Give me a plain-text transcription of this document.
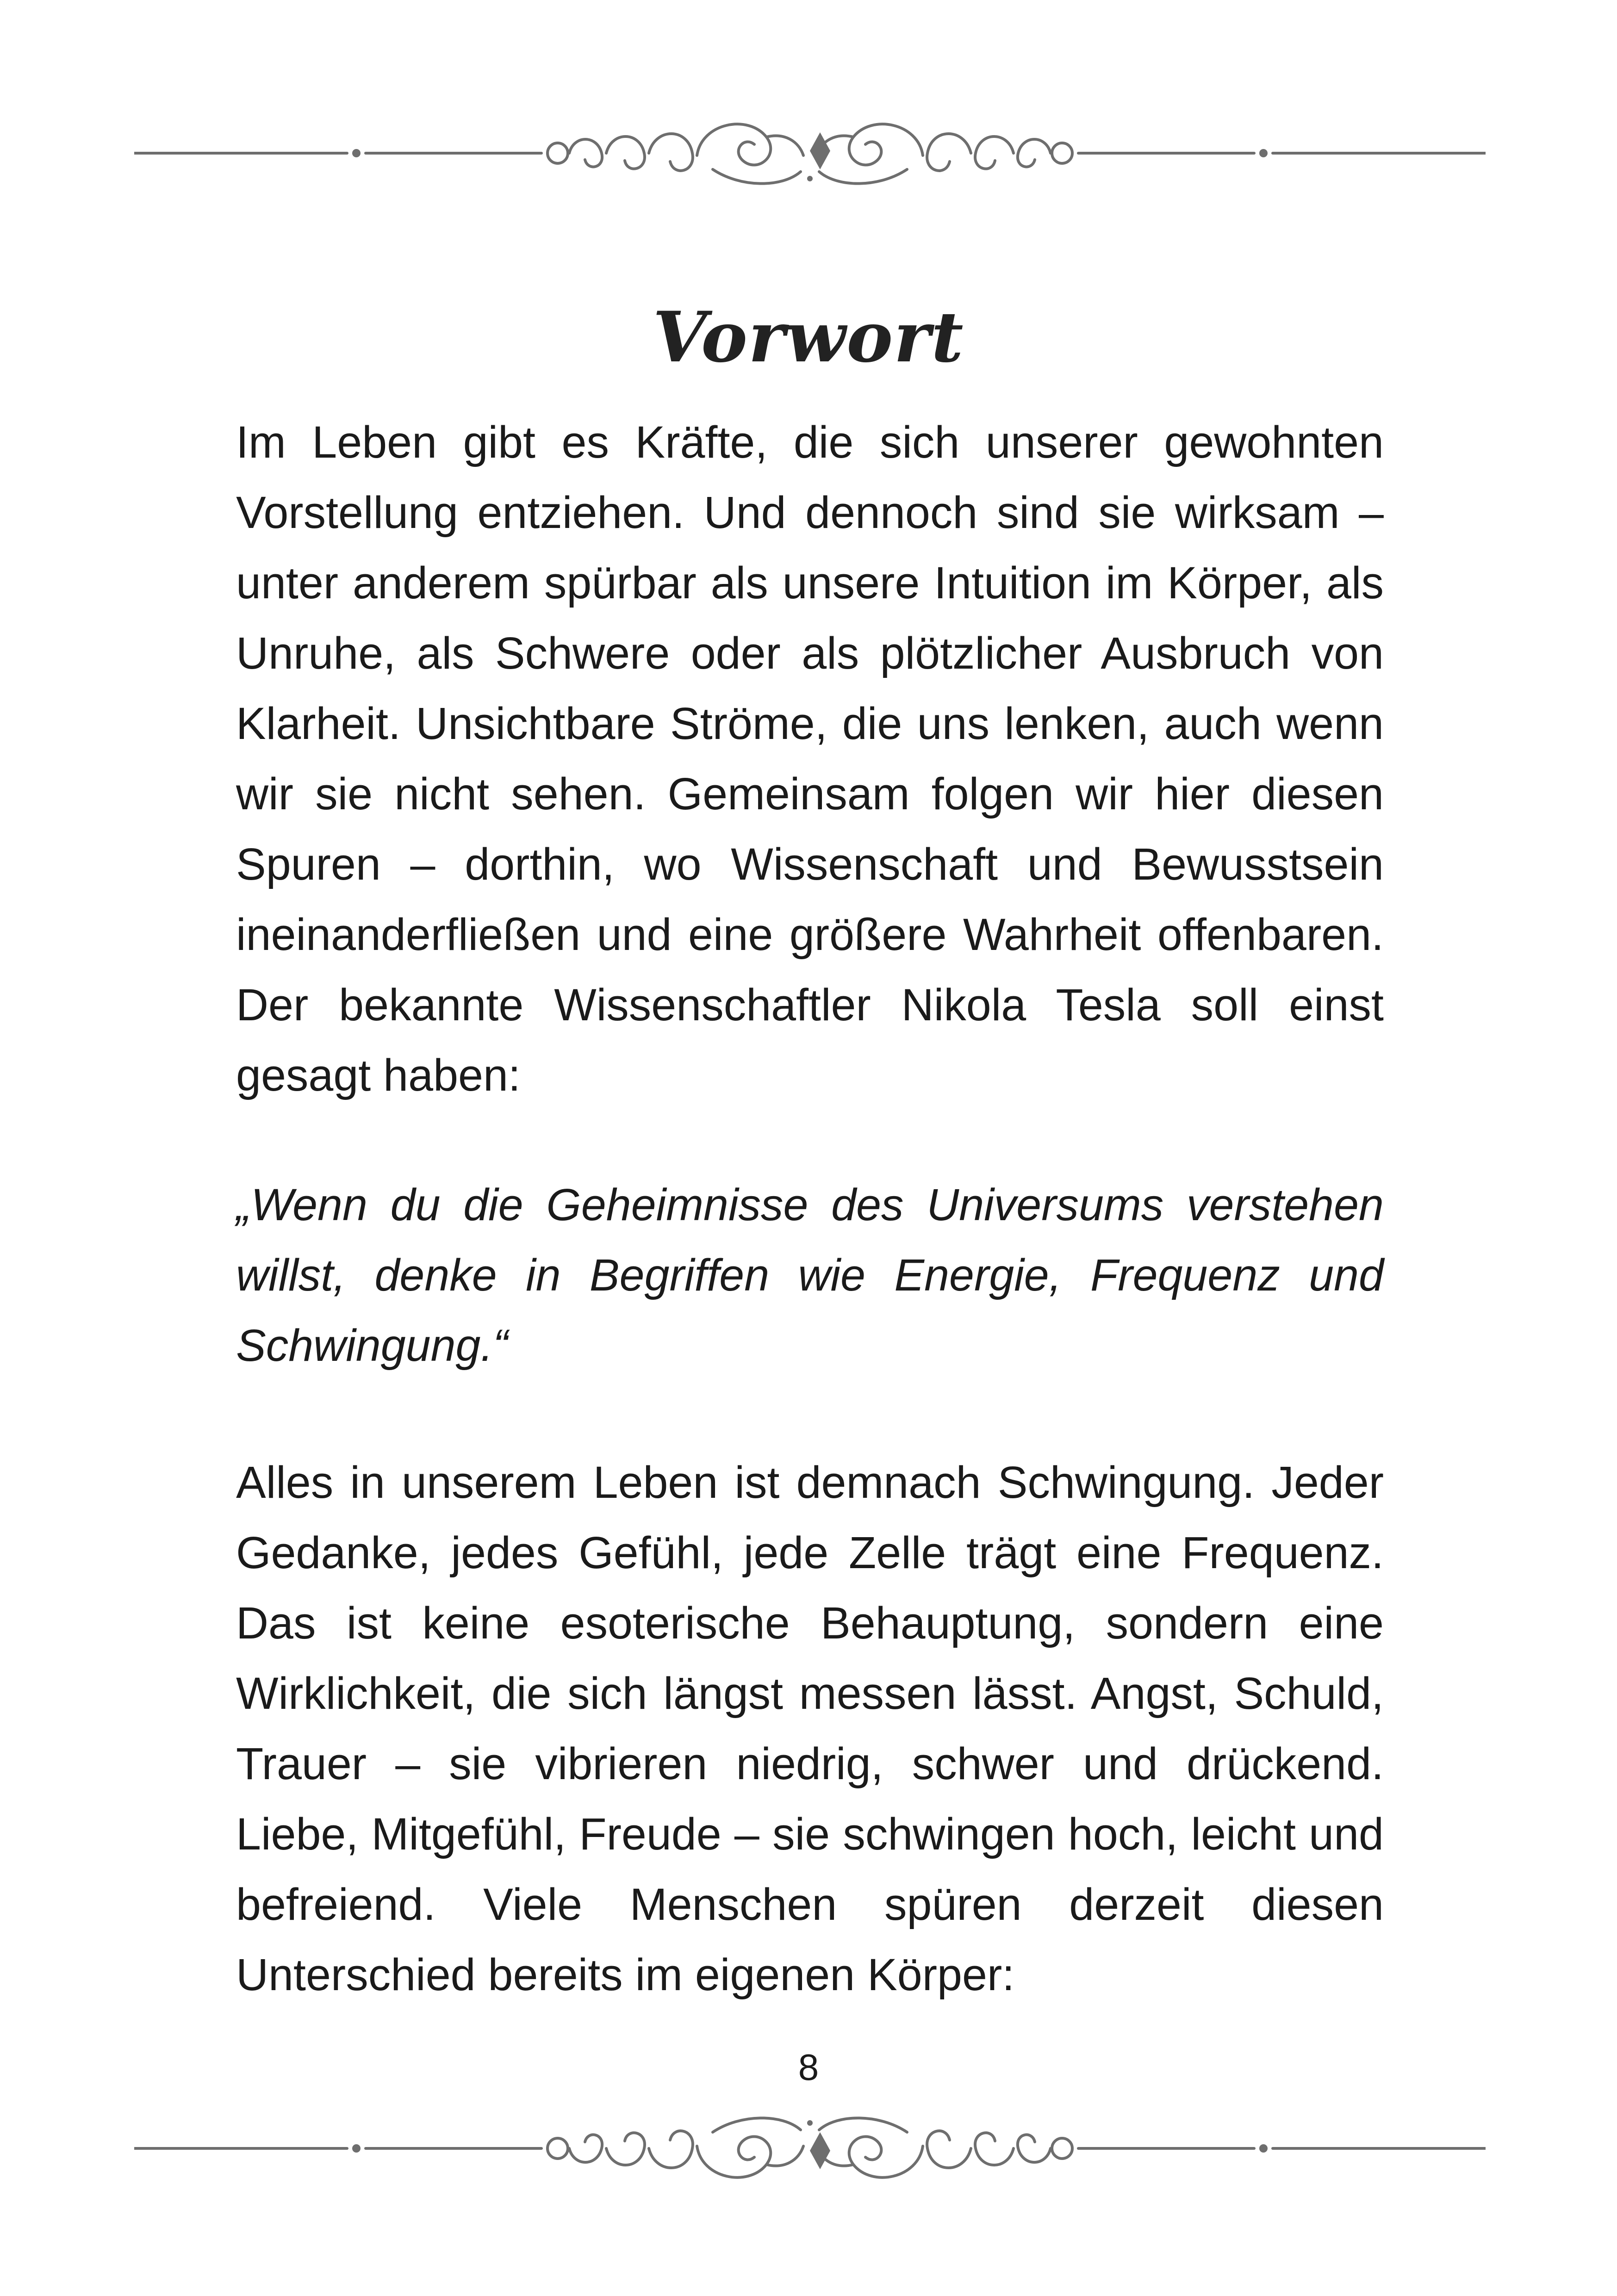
Vorwort

Im Leben gibt es Kräfte, die sich unserer gewohnten Vorstellung entziehen. Und dennoch sind sie wirksam – unter anderem spürbar als unsere Intuition im Körper, als Unruhe, als Schwere oder als plötzlicher Ausbruch von Klarheit. Unsichtbare Ströme, die uns lenken, auch wenn wir sie nicht sehen. Gemeinsam folgen wir hier diesen Spuren – dorthin, wo Wissenschaft und Bewusstsein ineinanderfließen und eine größere Wahrheit offenbaren. Der bekannte Wissenschaftler Nikola Tesla soll einst gesagt haben:

„Wenn du die Geheimnisse des Universums verstehen willst, denke in Begriffen wie Energie, Frequenz und Schwingung.“

Alles in unserem Leben ist demnach Schwingung. Jeder Gedanke, jedes Gefühl, jede Zelle trägt eine Frequenz. Das ist keine esoterische Behauptung, sondern eine Wirklichkeit, die sich längst messen lässt. Angst, Schuld, Trauer – sie vibrieren niedrig, schwer und drückend. Liebe, Mitgefühl, Freude – sie schwingen hoch, leicht und befreiend. Viele Menschen spüren derzeit diesen Unterschied bereits im eigenen Körper:

8
